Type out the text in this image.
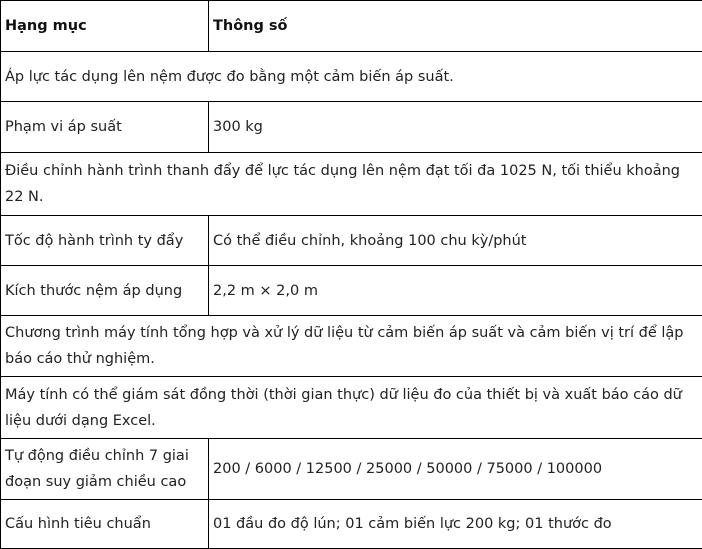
Hạng mục	Thông số
Áp lực tác dụng lên nệm được đo bằng một cảm biến áp suất.	
Phạm vi áp suất	300 kg
Điều chỉnh hành trình thanh đẩy để lực tác dụng lên nệm đạt tối đa 1025 N, tối thiểu khoảng 22 N.	
Tốc độ hành trình ty đẩy	Có thể điều chỉnh, khoảng 100 chu kỳ/phút
Kích thước nệm áp dụng	2,2 m × 2,0 m
Chương trình máy tính tổng hợp và xử lý dữ liệu từ cảm biến áp suất và cảm biến vị trí để lập báo cáo thử nghiệm.	
Máy tính có thể giám sát đồng thời (thời gian thực) dữ liệu đo của thiết bị và xuất báo cáo dữ liệu dưới dạng Excel.	
Tự động điều chỉnh 7 giai đoạn suy giảm chiều cao	200 / 6000 / 12500 / 25000 / 50000 / 75000 / 100000
Cấu hình tiêu chuẩn	01 đầu đo độ lún; 01 cảm biến lực 200 kg; 01 thước đo
